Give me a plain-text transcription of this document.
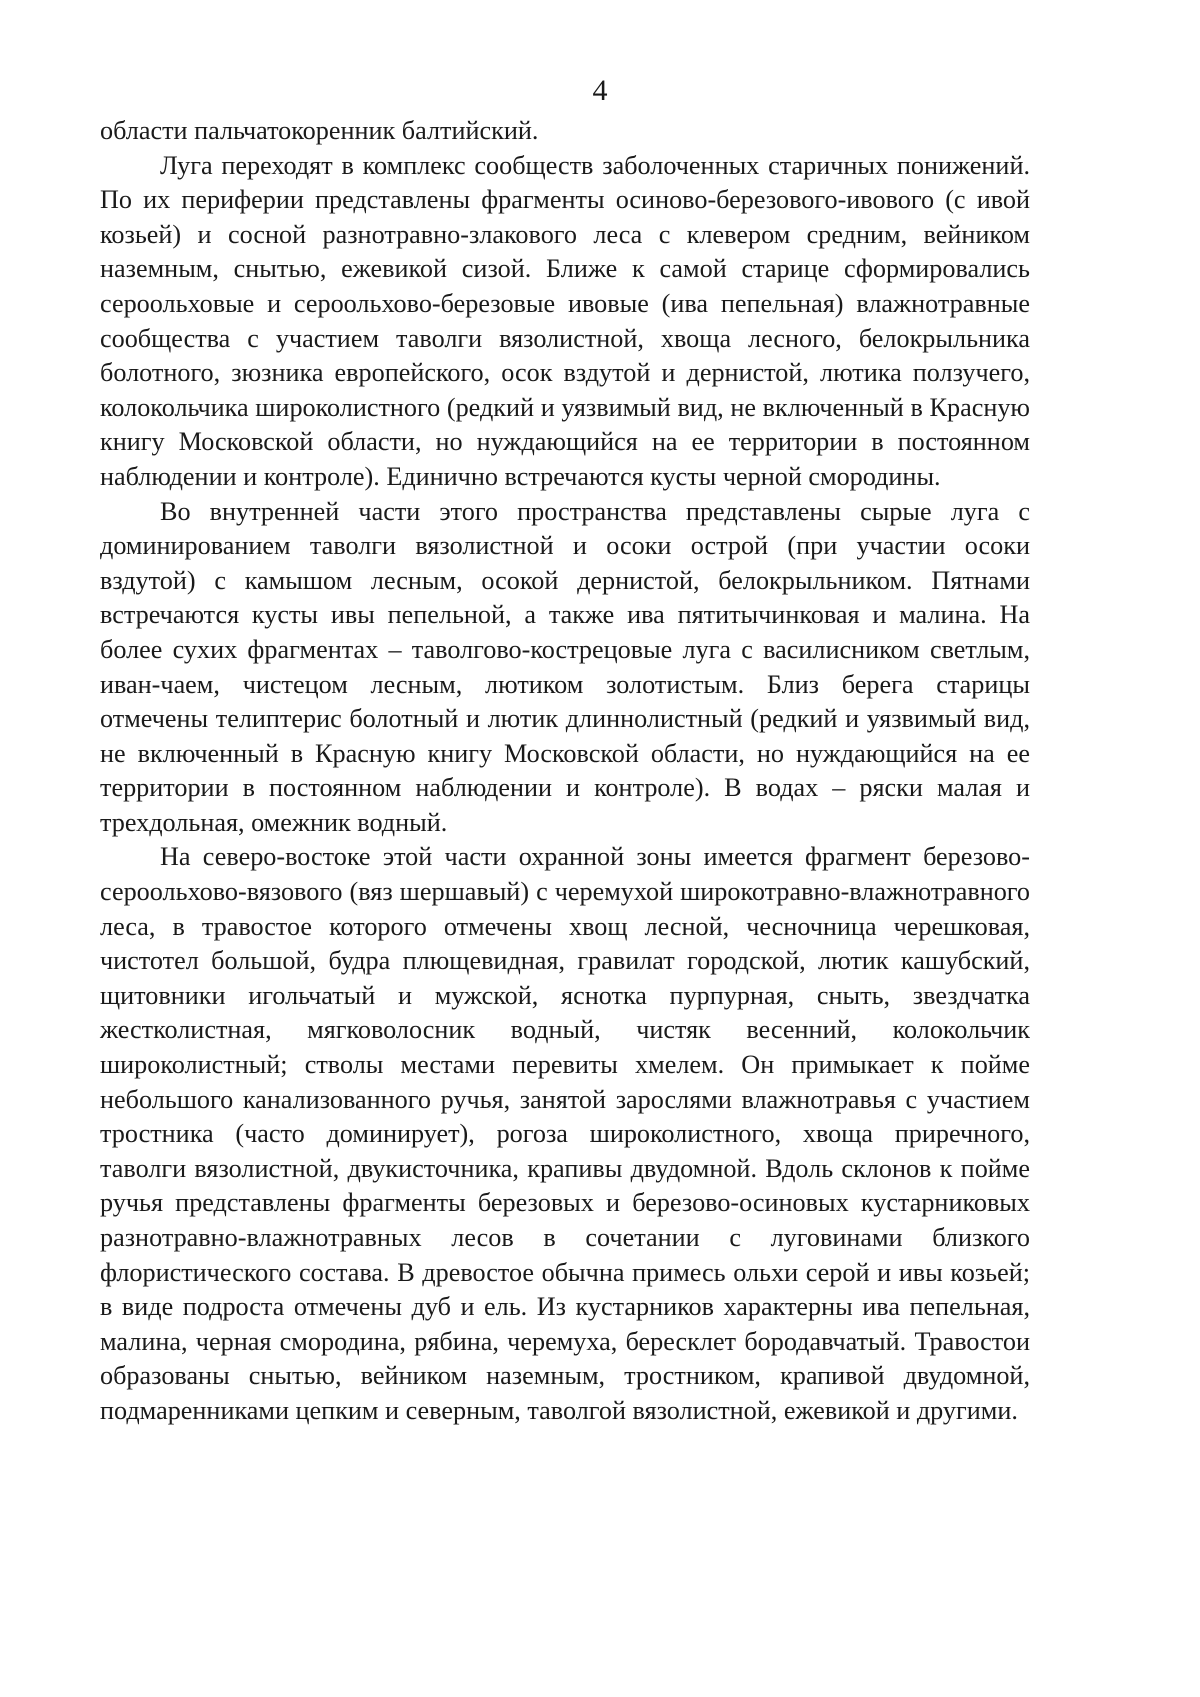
4

области пальчатокоренник балтийский.

Луга переходят в комплекс сообществ заболоченных старичных понижений. По их периферии представлены фрагменты осиново-березового-ивового (с ивой козьей) и сосной разнотравно-злакового леса с клевером средним, вейником наземным, снытью, ежевикой сизой. Ближе к самой старице сформировались сероольховые и сероольхово-березовые ивовые (ива пепельная) влажнотравные сообщества с участием таволги вязолистной, хвоща лесного, белокрыльника болотного, зюзника европейского, осок вздутой и дернистой, лютика ползучего, колокольчика широколистного (редкий и уязвимый вид, не включенный в Красную книгу Московской области, но нуждающийся на ее территории в постоянном наблюдении и контроле). Единично встречаются кусты черной смородины.

Во внутренней части этого пространства представлены сырые луга с доминированием таволги вязолистной и осоки острой (при участии осоки вздутой) с камышом лесным, осокой дернистой, белокрыльником. Пятнами встречаются кусты ивы пепельной, а также ива пятитычинковая и малина. На более сухих фрагментах – таволгово-кострецовые луга с василисником светлым, иван-чаем, чистецом лесным, лютиком золотистым. Близ берега старицы отмечены телиптерис болотный и лютик длиннолистный (редкий и уязвимый вид, не включенный в Красную книгу Московской области, но нуждающийся на ее территории в постоянном наблюдении и контроле). В водах – ряски малая и трехдольная, омежник водный.

На северо-востоке этой части охранной зоны имеется фрагмент березово-сероольхово-вязового (вяз шершавый) с черемухой широкотравно-влажнотравного леса, в травостое которого отмечены хвощ лесной, чесночница черешковая, чистотел большой, будра плющевидная, гравилат городской, лютик кашубский, щитовники игольчатый и мужской, яснотка пурпурная, сныть, звездчатка жестколистная, мягковолосник водный, чистяк весенний, колокольчик широколистный; стволы местами перевиты хмелем. Он примыкает к пойме небольшого канализованного ручья, занятой зарослями влажнотравья с участием тростника (часто доминирует), рогоза широколистного, хвоща приречного, таволги вязолистной, двукисточника, крапивы двудомной. Вдоль склонов к пойме ручья представлены фрагменты березовых и березово-осиновых кустарниковых разнотравно-влажнотравных лесов в сочетании с луговинами близкого флористического состава. В древостое обычна примесь ольхи серой и ивы козьей; в виде подроста отмечены дуб и ель. Из кустарников характерны ива пепельная, малина, черная смородина, рябина, черемуха, бересклет бородавчатый. Травостои образованы снытью, вейником наземным, тростником, крапивой двудомной, подмаренниками цепким и северным, таволгой вязолистной, ежевикой и другими.
